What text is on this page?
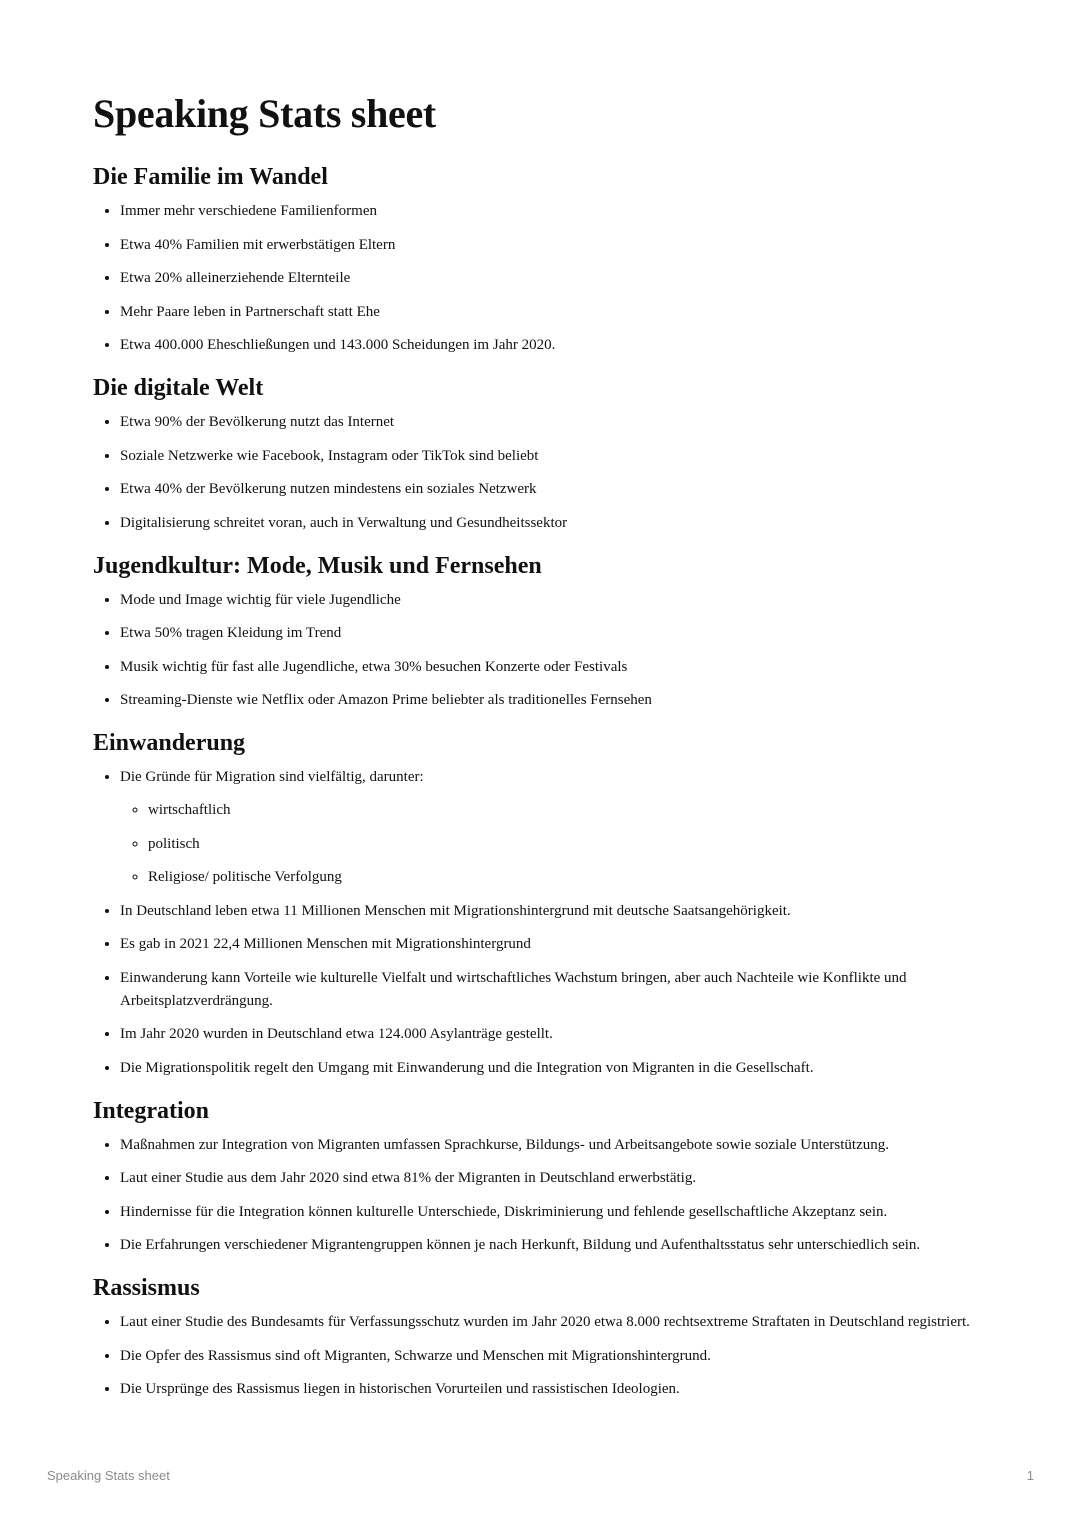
Speaking Stats sheet
Die Familie im Wandel
• Immer mehr verschiedene Familienformen
• Etwa 40% Familien mit erwerbstätigen Eltern
• Etwa 20% alleinerziehende Elternteile
• Mehr Paare leben in Partnerschaft statt Ehe
• Etwa 400.000 Eheschließungen und 143.000 Scheidungen im Jahr 2020.
Die digitale Welt
• Etwa 90% der Bevölkerung nutzt das Internet
• Soziale Netzwerke wie Facebook, Instagram oder TikTok sind beliebt
• Etwa 40% der Bevölkerung nutzen mindestens ein soziales Netzwerk
• Digitalisierung schreitet voran, auch in Verwaltung und Gesundheitssektor
Jugendkultur: Mode, Musik und Fernsehen
• Mode und Image wichtig für viele Jugendliche
• Etwa 50% tragen Kleidung im Trend
• Musik wichtig für fast alle Jugendliche, etwa 30% besuchen Konzerte oder Festivals
• Streaming-Dienste wie Netflix oder Amazon Prime beliebter als traditionelles Fernsehen
Einwanderung
• Die Gründe für Migration sind vielfältig, darunter:
◦ wirtschaftlich
◦ politisch
◦ Religiose/ politische Verfolgung
• In Deutschland leben etwa 11 Millionen Menschen mit Migrationshintergrund mit deutsche Saatsangehörigkeit.
• Es gab in 2021 22,4 Millionen Menschen mit Migrationshintergrund
• Einwanderung kann Vorteile wie kulturelle Vielfalt und wirtschaftliches Wachstum bringen, aber auch Nachteile wie Konflikte und Arbeitsplatzverdrängung.
• Im Jahr 2020 wurden in Deutschland etwa 124.000 Asylanträge gestellt.
• Die Migrationspolitik regelt den Umgang mit Einwanderung und die Integration von Migranten in die Gesellschaft.
Integration
• Maßnahmen zur Integration von Migranten umfassen Sprachkurse, Bildungs- und Arbeitsangebote sowie soziale Unterstützung.
• Laut einer Studie aus dem Jahr 2020 sind etwa 81% der Migranten in Deutschland erwerbstätig.
• Hindernisse für die Integration können kulturelle Unterschiede, Diskriminierung und fehlende gesellschaftliche Akzeptanz sein.
• Die Erfahrungen verschiedener Migrantengruppen können je nach Herkunft, Bildung und Aufenthaltsstatus sehr unterschiedlich sein.
Rassismus
• Laut einer Studie des Bundesamts für Verfassungsschutz wurden im Jahr 2020 etwa 8.000 rechtsextreme Straftaten in Deutschland registriert.
• Die Opfer des Rassismus sind oft Migranten, Schwarze und Menschen mit Migrationshintergrund.
• Die Ursprünge des Rassismus liegen in historischen Vorurteilen und rassistischen Ideologien.
Speaking Stats sheet	1
